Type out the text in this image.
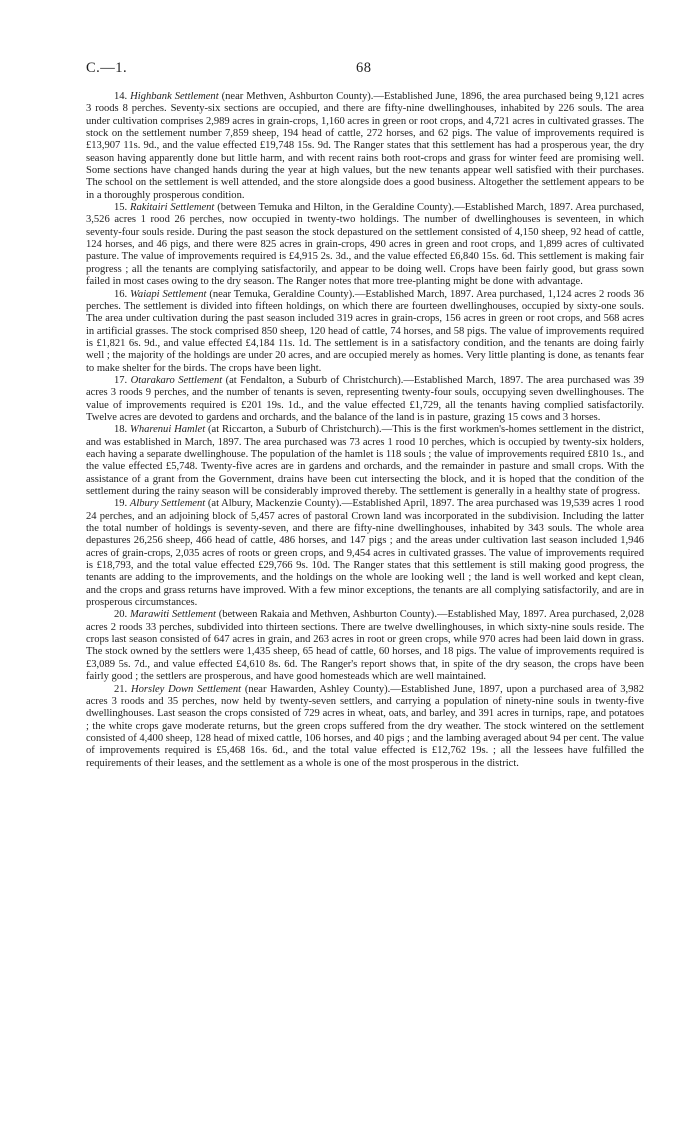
C.—1.	68

14. Highbank Settlement (near Methven, Ashburton County).—Established June, 1896, the area purchased being 9,121 acres 3 roods 8 perches. Seventy-six sections are occupied, and there are fifty-nine dwellinghouses, inhabited by 226 souls. The area under cultivation comprises 2,989 acres in grain-crops, 1,160 acres in green or root crops, and 4,721 acres in cultivated grasses. The stock on the settlement number 7,859 sheep, 194 head of cattle, 272 horses, and 62 pigs. The value of improvements required is £13,907 11s. 9d., and the value effected £19,748 15s. 9d. The Ranger states that this settlement has had a prosperous year, the dry season having apparently done but little harm, and with recent rains both root-crops and grass for winter feed are promising well. Some sections have changed hands during the year at high values, but the new tenants appear well satisfied with their purchases. The school on the settlement is well attended, and the store alongside does a good business. Altogether the settlement appears to be in a thoroughly prosperous condition.

15. Rakitairi Settlement (between Temuka and Hilton, in the Geraldine County).—Established March, 1897. Area purchased, 3,526 acres 1 rood 26 perches, now occupied in twenty-two holdings. The number of dwellinghouses is seventeen, in which seventy-four souls reside. During the past season the stock depastured on the settlement consisted of 4,150 sheep, 92 head of cattle, 124 horses, and 46 pigs, and there were 825 acres in grain-crops, 490 acres in green and root crops, and 1,899 acres of cultivated pasture. The value of improvements required is £4,915 2s. 3d., and the value effected £6,840 15s. 6d. This settlement is making fair progress ; all the tenants are complying satisfactorily, and appear to be doing well. Crops have been fairly good, but grass sown failed in most cases owing to the dry season. The Ranger notes that more tree-planting might be done with advantage.

16. Waiapi Settlement (near Temuka, Geraldine County).—Established March, 1897. Area purchased, 1,124 acres 2 roods 36 perches. The settlement is divided into fifteen holdings, on which there are fourteen dwellinghouses, occupied by sixty-one souls. The area under cultivation during the past season included 319 acres in grain-crops, 156 acres in green or root crops, and 568 acres in artificial grasses. The stock comprised 850 sheep, 120 head of cattle, 74 horses, and 58 pigs. The value of improvements required is £1,821 6s. 9d., and value effected £4,184 11s. 1d. The settlement is in a satisfactory condition, and the tenants are doing fairly well ; the majority of the holdings are under 20 acres, and are occupied merely as homes. Very little planting is done, as tenants fear to make shelter for the birds. The crops have been light.

17. Otarakaro Settlement (at Fendalton, a Suburb of Christchurch).—Established March, 1897. The area purchased was 39 acres 3 roods 9 perches, and the number of tenants is seven, representing twenty-four souls, occupying seven dwellinghouses. The value of improvements required is £201 19s. 1d., and the value effected £1,729, all the tenants having complied satisfactorily. Twelve acres are devoted to gardens and orchards, and the balance of the land is in pasture, grazing 15 cows and 3 horses.

18. Wharenui Hamlet (at Riccarton, a Suburb of Christchurch).—This is the first workmen's-homes settlement in the district, and was established in March, 1897. The area purchased was 73 acres 1 rood 10 perches, which is occupied by twenty-six holders, each having a separate dwellinghouse. The population of the hamlet is 118 souls ; the value of improvements required £810 1s., and the value effected £5,748. Twenty-five acres are in gardens and orchards, and the remainder in pasture and small crops. With the assistance of a grant from the Government, drains have been cut intersecting the block, and it is hoped that the condition of the settlement during the rainy season will be considerably improved thereby. The settlement is generally in a healthy state of progress.

19. Albury Settlement (at Albury, Mackenzie County).—Established April, 1897. The area purchased was 19,539 acres 1 rood 24 perches, and an adjoining block of 5,457 acres of pastoral Crown land was incorporated in the subdivision. Including the latter the total number of holdings is seventy-seven, and there are fifty-nine dwellinghouses, inhabited by 343 souls. The whole area depastures 26,256 sheep, 466 head of cattle, 486 horses, and 147 pigs ; and the areas under cultivation last season included 1,946 acres of grain-crops, 2,035 acres of roots or green crops, and 9,454 acres in cultivated grasses. The value of improvements required is £18,793, and the total value effected £29,766 9s. 10d. The Ranger states that this settlement is still making good progress, the tenants are adding to the improvements, and the holdings on the whole are looking well ; the land is well worked and kept clean, and the crops and grass returns have improved. With a few minor exceptions, the tenants are all complying satisfactorily, and are in prosperous circumstances.

20. Marawiti Settlement (between Rakaia and Methven, Ashburton County).—Established May, 1897. Area purchased, 2,028 acres 2 roods 33 perches, subdivided into thirteen sections. There are twelve dwellinghouses, in which sixty-nine souls reside. The crops last season consisted of 647 acres in grain, and 263 acres in root or green crops, while 970 acres had been laid down in grass. The stock owned by the settlers were 1,435 sheep, 65 head of cattle, 60 horses, and 18 pigs. The value of improvements required is £3,089 5s. 7d., and value effected £4,610 8s. 6d. The Ranger's report shows that, in spite of the dry season, the crops have been fairly good ; the settlers are prosperous, and have good homesteads which are well maintained.

21. Horsley Down Settlement (near Hawarden, Ashley County).—Established June, 1897, upon a purchased area of 3,982 acres 3 roods and 35 perches, now held by twenty-seven settlers, and carrying a population of ninety-nine souls in twenty-five dwellinghouses. Last season the crops consisted of 729 acres in wheat, oats, and barley, and 391 acres in turnips, rape, and potatoes ; the white crops gave moderate returns, but the green crops suffered from the dry weather. The stock wintered on the settlement consisted of 4,400 sheep, 128 head of mixed cattle, 106 horses, and 40 pigs ; and the lambing averaged about 94 per cent. The value of improvements required is £5,468 16s. 6d., and the total value effected is £12,762 19s. ; all the lessees have fulfilled the requirements of their leases, and the settlement as a whole is one of the most prosperous in the district.
